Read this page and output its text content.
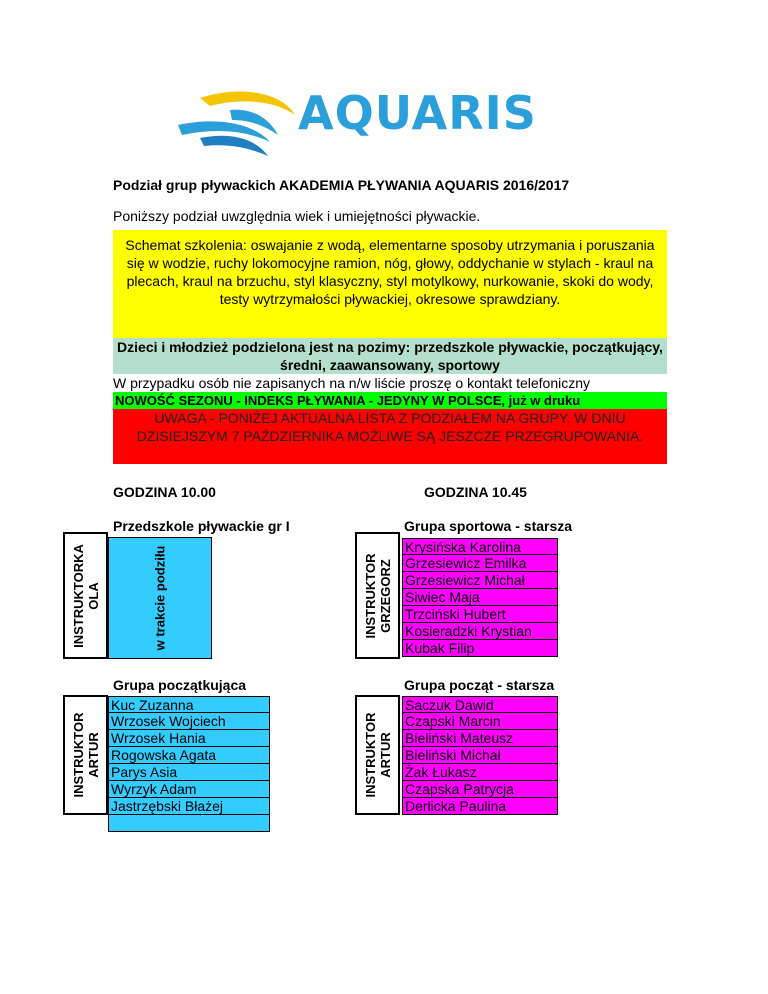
AQUARIS
Podział grup pływackich AKADEMIA PŁYWANIA AQUARIS 2016/2017
Poniższy podział uwzględnia wiek i umiejętności pływackie.
Schemat szkolenia: oswajanie z wodą, elementarne sposoby utrzymania i poruszania się w wodzie, ruchy lokomocyjne ramion, nóg, głowy, oddychanie w stylach - kraul na plecach, kraul na brzuchu, styl klasyczny, styl motylkowy, nurkowanie, skoki do wody, testy wytrzymałości pływackiej, okresowe sprawdziany.
Dzieci i młodzież podzielona jest na pozimy: przedszkole pływackie, początkujący, średni, zaawansowany, sportowy
W przypadku osób nie zapisanych na n/w liście proszę o kontakt telefoniczny
NOWOŚĆ SEZONU - INDEKS PŁYWANIA - JEDYNY W POLSCE, już w druku
UWAGA - PONIŻEJ AKTUALNA LISTA Z PODZIAŁEM NA GRUPY. W DNIU DZISIEJSZYM 7 PAŹDZIERNIKA MOŻLIWE SĄ JESZCZE PRZEGRUPOWANIA.
GODZINA 10.00	GODZINA 10.45
Przedszkole pływackie gr I
INSTRUKTORKA OLA	w trakcie podziłu
Grupa sportowa - starsza
INSTRUKTOR GRZEGORZ
Krysińska Karolina
Grzesiewicz Emilka
Grzesiewicz Michał
Siwiec Maja
Trzciński Hubert
Kosieradzki Krystian
Kubak Filip
Grupa początkująca
INSTRUKTOR ARTUR
Kuc Zuzanna
Wrzosek Wojciech
Wrzosek Hania
Rogowska Agata
Parys Asia
Wyrzyk Adam
Jastrzębski Błażej
Grupa począt - starsza
INSTRUKTOR ARTUR
Saczuk Dawid
Czapski Marcin
Bieliński Mateusz
Bieliński Michał
Żak Łukasz
Czapska Patrycja
Derlicka Paulina
